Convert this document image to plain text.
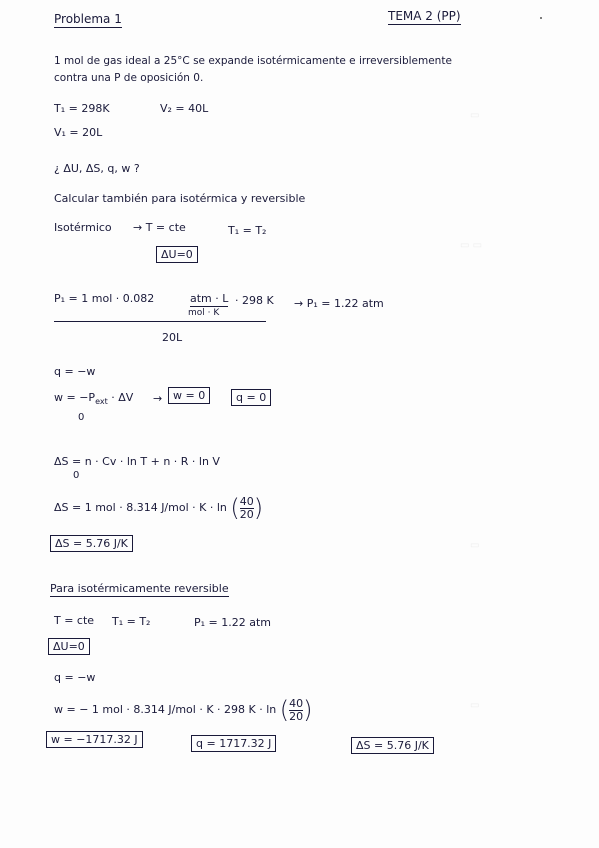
▭
▭ ▭
▭
▭
Problema 1	TEMA 2 (PP)
1 mol de gas ideal a 25°C se expande isotérmicamente e irreversiblemente
contra una P de oposición 0.
T₁ = 298K	V₂ = 40L
V₁ = 20L
¿ ΔU, ΔS, q, w ?
Calcular también para isotérmica y reversible
Isotérmico → T = cte	T₁ = T₂
ΔU=0
P₁ = 1 mol · 0.082	atm · L
mol · K
· 298 K
20L
→ P₁ = 1.22 atm
q = −w
$w = -P_{ext} \cdot \Delta V$
0
→ w = 0	q = 0
ΔS = n · Cv · ln T + n · R · ln V
0
ΔS = 1 mol · 8.314 J/mol · K · ln ( $\frac{40}{20}$ )
ΔS = 5.76 J/K
Para isotérmicamente reversible
T = cte T₁ = T₂	P₁ = 1.22 atm
ΔU=0
q = −w
w = − 1 mol · 8.314 J/mol · K · 298 K · ln ( $\frac{40}{20}$ )
w = −1717.32 J	q = 1717.32 J	ΔS = 5.76 J/K
